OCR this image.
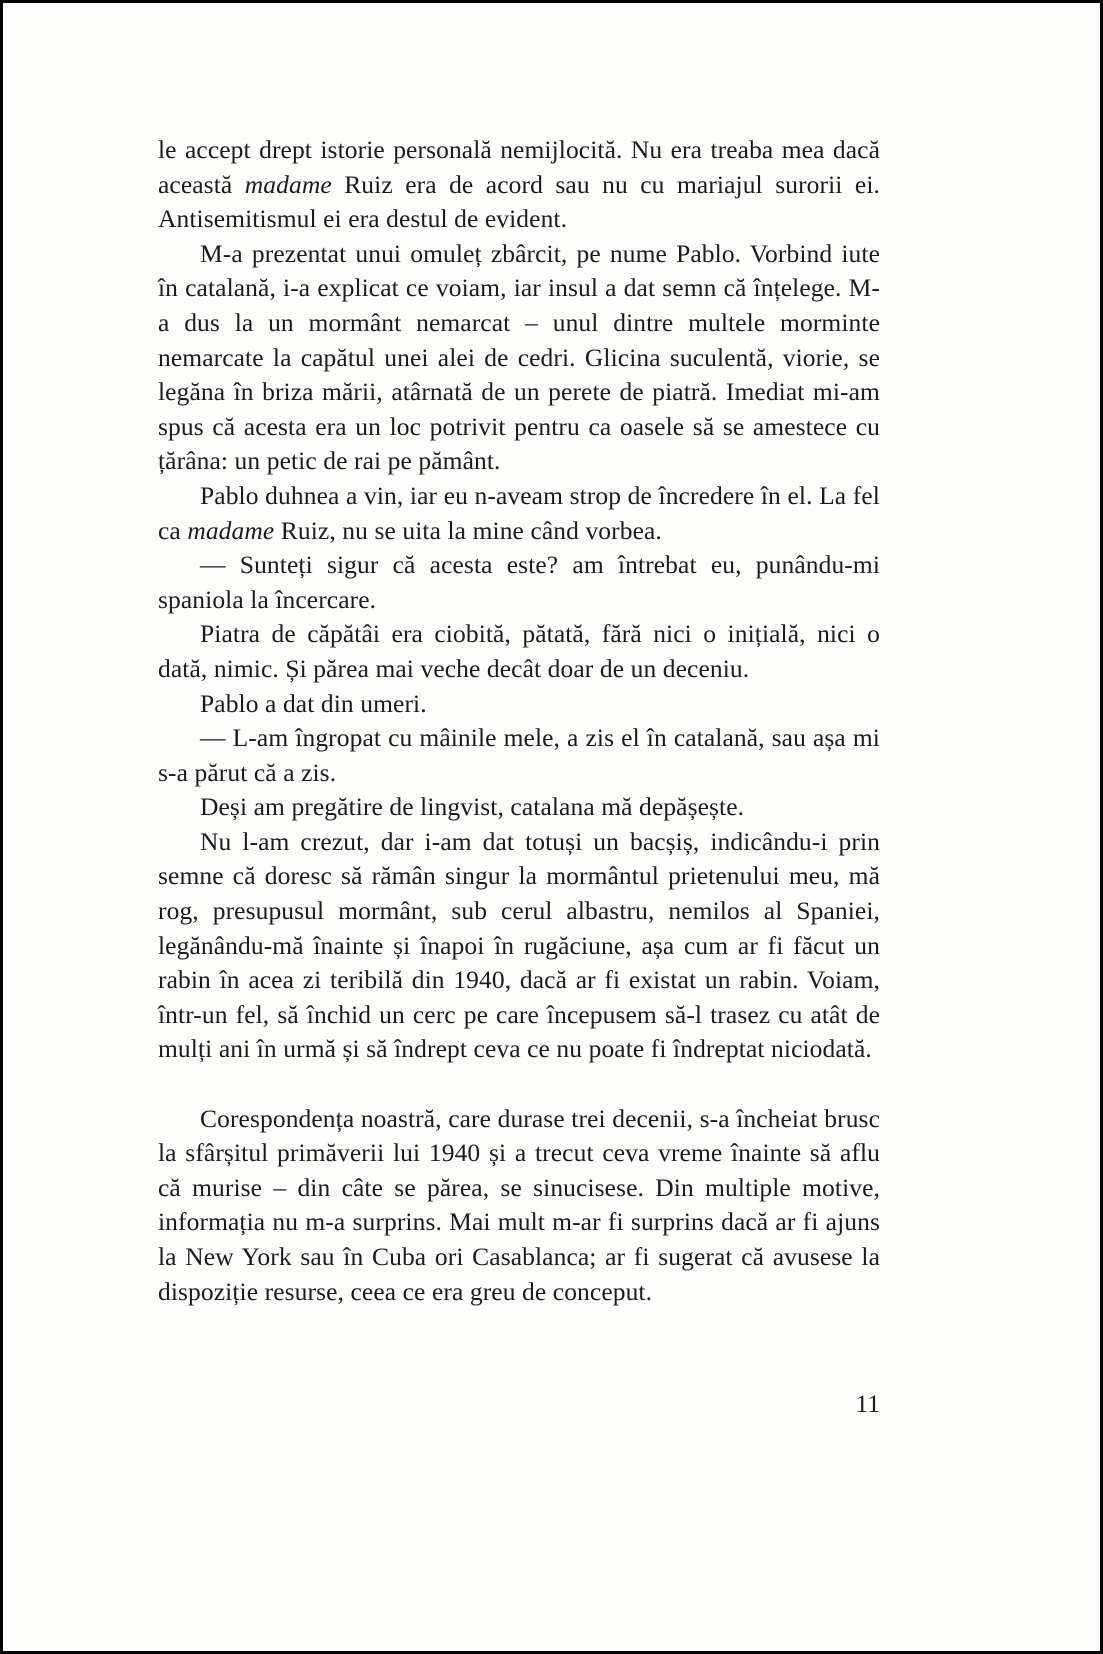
le accept drept istorie personală nemijlocită. Nu era treaba mea dacă această madame Ruiz era de acord sau nu cu mariajul surorii ei. Antisemitismul ei era destul de evident.

M-a prezentat unui omuleț zbârcit, pe nume Pablo. Vorbind iute în catalană, i-a explicat ce voiam, iar insul a dat semn că înțelege. M-a dus la un mormânt nemarcat – unul dintre multele morminte nemarcate la capătul unei alei de cedri. Glicina suculentă, viorie, se legăna în briza mării, atârnată de un perete de piatră. Imediat mi-am spus că acesta era un loc potrivit pentru ca oasele să se amestece cu țărâna: un petic de rai pe pământ.

Pablo duhnea a vin, iar eu n-aveam strop de încredere în el. La fel ca madame Ruiz, nu se uita la mine când vorbea.

— Sunteți sigur că acesta este? am întrebat eu, punându-mi spaniola la încercare.

Piatra de căpătâi era ciobită, pătată, fără nici o inițială, nici o dată, nimic. Și părea mai veche decât doar de un deceniu.

Pablo a dat din umeri.

— L-am îngropat cu mâinile mele, a zis el în catalană, sau așa mi s-a părut că a zis.

Deși am pregătire de lingvist, catalana mă depășește.

Nu l-am crezut, dar i-am dat totuși un bacșiș, indicându-i prin semne că doresc să rămân singur la mormântul prietenului meu, mă rog, presupusul mormânt, sub cerul albastru, nemilos al Spaniei, legănându-mă înainte și înapoi în rugăciune, așa cum ar fi făcut un rabin în acea zi teribilă din 1940, dacă ar fi existat un rabin. Voiam, într-un fel, să închid un cerc pe care începusem să-l trasez cu atât de mulți ani în urmă și să îndrept ceva ce nu poate fi îndreptat niciodată.

Corespondența noastră, care durase trei decenii, s-a încheiat brusc la sfârșitul primăverii lui 1940 și a trecut ceva vreme înainte să aflu că murise – din câte se părea, se sinucisese. Din multiple motive, informația nu m-a surprins. Mai mult m-ar fi surprins dacă ar fi ajuns la New York sau în Cuba ori Casablanca; ar fi sugerat că avusese la dispoziție resurse, ceea ce era greu de conceput.

11
